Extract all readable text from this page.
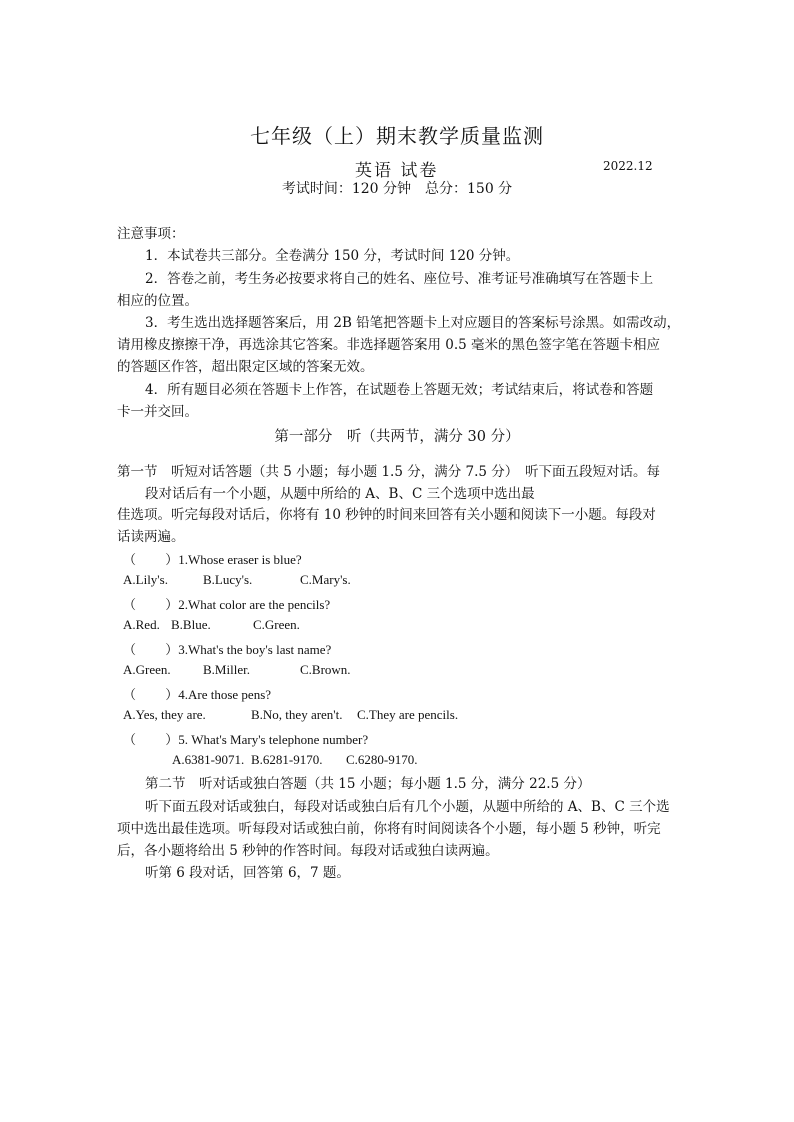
七年级（上）期末教学质量监测
英语 试卷	2022.12
考试时间：120 分钟　总分：150 分
注意事项：
1．本试卷共三部分。全卷满分 150 分，考试时间 120 分钟。
2．答卷之前，考生务必按要求将自己的姓名、座位号、准考证号准确填写在答题卡上
相应的位置。
3．考生选出选择题答案后，用 2B 铅笔把答题卡上对应题目的答案标号涂黑。如需改动，
请用橡皮擦擦干净，再选涂其它答案。非选择题答案用 0.5 毫米的黑色签字笔在答题卡相应
的答题区作答，超出限定区域的答案无效。
4．所有题目必须在答题卡上作答，在试题卷上答题无效；考试结束后，将试卷和答题
卡一并交回。
第一部分　听（共两节，满分 30 分）
第一节　听短对话答题（共 5 小题；每小题 1.5 分，满分 7.5 分）　听下面五段短对话。每
段对话后有一个小题，从题中所给的 A、B、C 三个选项中选出最
佳选项。听完每段对话后，你将有 10 秒钟的时间来回答有关小题和阅读下一小题。每段对
话读两遍。
（　　 ）1.Whose eraser is blue?
A.Lily's.	B.Lucy's.	C.Mary's.
（　　 ）2.What color are the pencils?
A.Red. B.Blue.	C.Green.
（　　 ）3.What's the boy's last name?
A.Green. B.Miller.	C.Brown.
（　　 ）4.Are those pens?
A.Yes, they are.	B.No, they aren't. C.They are pencils.
（　　 ）5. What's Mary's telephone number?
A.6381-9071. B.6281-9170. C.6280-9170.
第二节　听对话或独白答题（共 15 小题；每小题 1.5 分，满分 22.5 分）
听下面五段对话或独白，每段对话或独白后有几个小题，从题中所给的 A、B、C 三个选
项中选出最佳选项。听每段对话或独白前，你将有时间阅读各个小题，每小题 5 秒钟，听完
后，各小题将给出 5 秒钟的作答时间。每段对话或独白读两遍。
听第 6 段对话，回答第 6，7 题。
